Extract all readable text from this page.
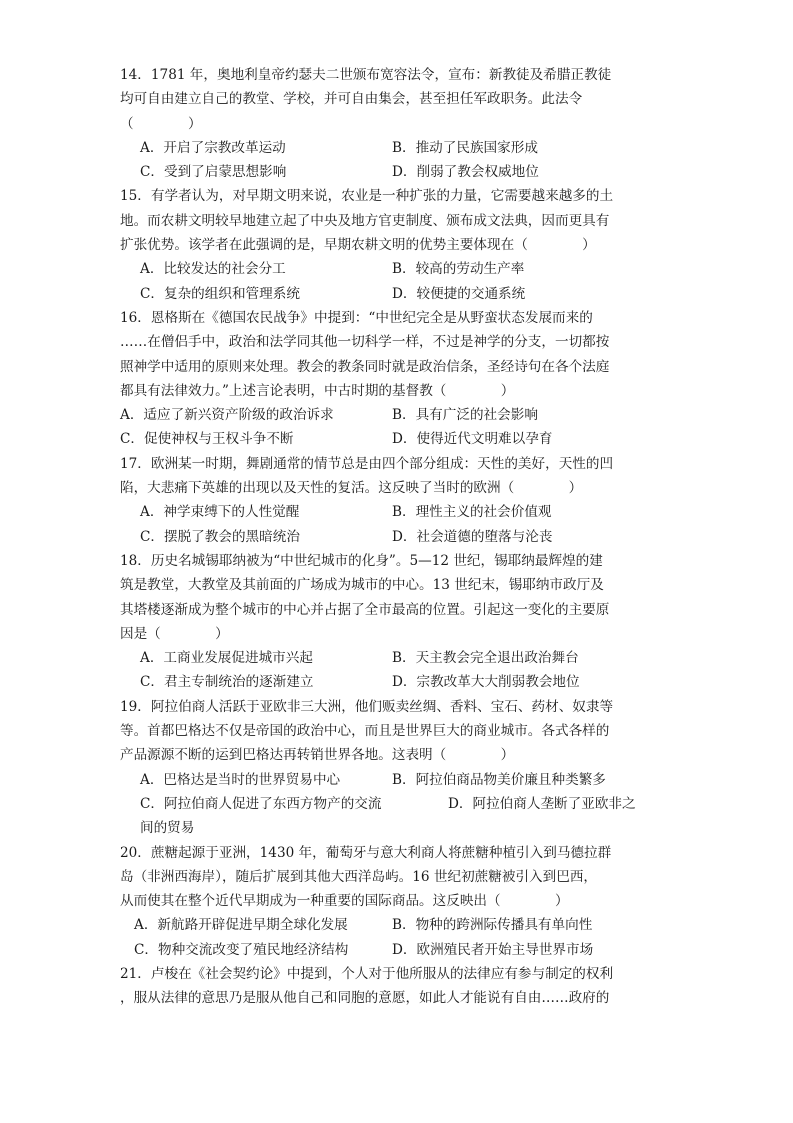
14．1781 年，奥地利皇帝约瑟夫二世颁布宽容法令，宣布：新教徒及希腊正教徒
均可自由建立自己的教堂、学校，并可自由集会，甚至担任军政职务。此法令
（　　　　）
A．开启了宗教改革运动	B．推动了民族国家形成
C．受到了启蒙思想影响	D．削弱了教会权威地位
15．有学者认为，对早期文明来说，农业是一种扩张的力量，它需要越来越多的土
地。而农耕文明较早地建立起了中央及地方官吏制度、颁布成文法典，因而更具有
扩张优势。该学者在此强调的是，早期农耕文明的优势主要体现在（　　　　）
A．比较发达的社会分工	B．较高的劳动生产率
C．复杂的组织和管理系统	D．较便捷的交通系统
16．恩格斯在《德国农民战争》中提到：“中世纪完全是从野蛮状态发展而来的
……在僧侣手中，政治和法学同其他一切科学一样，不过是神学的分支，一切都按
照神学中适用的原则来处理。教会的教条同时就是政治信条，圣经诗句在各个法庭
都具有法律效力。”上述言论表明，中古时期的基督教（　　　　）
A．适应了新兴资产阶级的政治诉求	B．具有广泛的社会影响
C．促使神权与王权斗争不断	D．使得近代文明难以孕育
17．欧洲某一时期，舞剧通常的情节总是由四个部分组成：天性的美好，天性的凹
陷，大悲痛下英雄的出现以及天性的复活。这反映了当时的欧洲（　　　　）
A．神学束缚下的人性觉醒	B．理性主义的社会价值观
C．摆脱了教会的黑暗统治	D．社会道德的堕落与沦丧
18．历史名城锡耶纳被为“中世纪城市的化身”。5—12 世纪，锡耶纳最辉煌的建
筑是教堂，大教堂及其前面的广场成为城市的中心。13 世纪末，锡耶纳市政厅及
其塔楼逐渐成为整个城市的中心并占据了全市最高的位置。引起这一变化的主要原
因是（　　　　）
A．工商业发展促进城市兴起	B．天主教会完全退出政治舞台
C．君主专制统治的逐渐建立	D．宗教改革大大削弱教会地位
19．阿拉伯商人活跃于亚欧非三大洲，他们贩卖丝绸、香料、宝石、药材、奴隶等
等。首都巴格达不仅是帝国的政治中心，而且是世界巨大的商业城市。各式各样的
产品源源不断的运到巴格达再转销世界各地。这表明（　　　　）
A．巴格达是当时的世界贸易中心	B．阿拉伯商品物美价廉且种类繁多
C．阿拉伯商人促进了东西方物产的交流	D．阿拉伯商人垄断了亚欧非之
间的贸易
20．蔗糖起源于亚洲，1430 年，葡萄牙与意大利商人将蔗糖种植引入到马德拉群
岛（非洲西海岸），随后扩展到其他大西洋岛屿。16 世纪初蔗糖被引入到巴西，
从而使其在整个近代早期成为一种重要的国际商品。这反映出（　　　　）
A．新航路开辟促进早期全球化发展	B．物种的跨洲际传播具有单向性
C．物种交流改变了殖民地经济结构	D．欧洲殖民者开始主导世界市场
21．卢梭在《社会契约论》中提到，个人对于他所服从的法律应有参与制定的权利
，服从法律的意思乃是服从他自己和同胞的意愿，如此人才能说有自由……政府的
